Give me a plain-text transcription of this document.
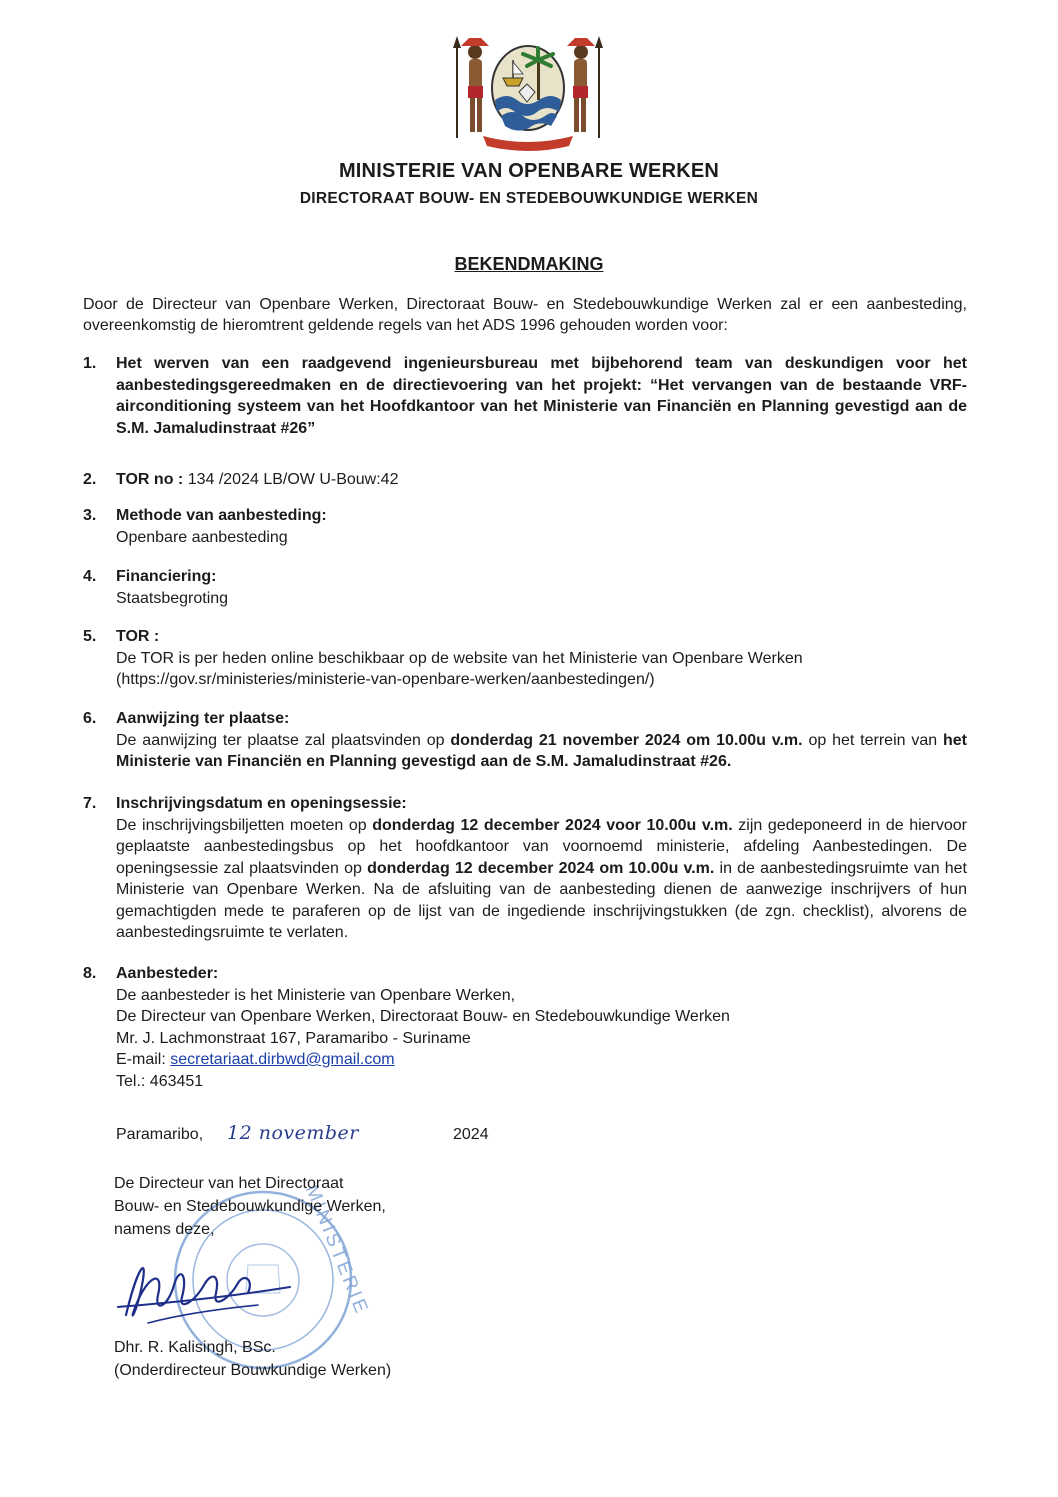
MINISTERIE VAN OPENBARE WERKEN
DIRECTORAAT BOUW- EN STEDEBOUWKUNDIGE WERKEN
BEKENDMAKING
Door de Directeur van Openbare Werken, Directoraat Bouw- en Stedebouwkundige Werken zal er een aanbesteding, overeenkomstig de hieromtrent geldende regels van het ADS 1996 gehouden worden voor:
1. Het werven van een raadgevend ingenieursbureau met bijbehorend team van deskundigen voor het aanbestedingsgereedmaken en de directievoering van het projekt: “Het vervangen van de bestaande VRF-airconditioning systeem van het Hoofdkantoor van het Ministerie van Financiën en Planning gevestigd aan de S.M. Jamaludinstraat #26”
2. TOR no : 134 /2024 LB/OW U-Bouw:42
3. Methode van aanbesteding:
Openbare aanbesteding
4. Financiering:
Staatsbegroting
5. TOR :
De TOR is per heden online beschikbaar op de website van het Ministerie van Openbare Werken
(https://gov.sr/ministeries/ministerie-van-openbare-werken/aanbestedingen/)
6. Aanwijzing ter plaatse:
De aanwijzing ter plaatse zal plaatsvinden op donderdag 21 november 2024 om 10.00u v.m. op het terrein van het Ministerie van Financiën en Planning gevestigd aan de S.M. Jamaludinstraat #26.
7. Inschrijvingsdatum en openingsessie:
De inschrijvingsbiljetten moeten op donderdag 12 december 2024 voor 10.00u v.m. zijn gedeponeerd in de hiervoor geplaatste aanbestedingsbus op het hoofdkantoor van voornoemd ministerie, afdeling Aanbestedingen. De openingsessie zal plaatsvinden op donderdag 12 december 2024 om 10.00u v.m. in de aanbestedingsruimte van het Ministerie van Openbare Werken. Na de afsluiting van de aanbesteding dienen de aanwezige inschrijvers of hun gemachtigden mede te paraferen op de lijst van de ingediende inschrijvingstukken (de zgn. checklist), alvorens de aanbestedingsruimte te verlaten.
8. Aanbesteder:
De aanbesteder is het Ministerie van Openbare Werken,
De Directeur van Openbare Werken, Directoraat Bouw- en Stedebouwkundige Werken
Mr. J. Lachmonstraat 167, Paramaribo - Suriname
E-mail: secretariaat.dirbwd@gmail.com
Tel.: 463451
Paramaribo, 12 november	2024
MINISTERIE
De Directeur van het Directoraat
Bouw- en Stedebouwkundige Werken,
namens deze,
Dhr. R. Kalisingh, BSc.
(Onderdirecteur Bouwkundige Werken)
